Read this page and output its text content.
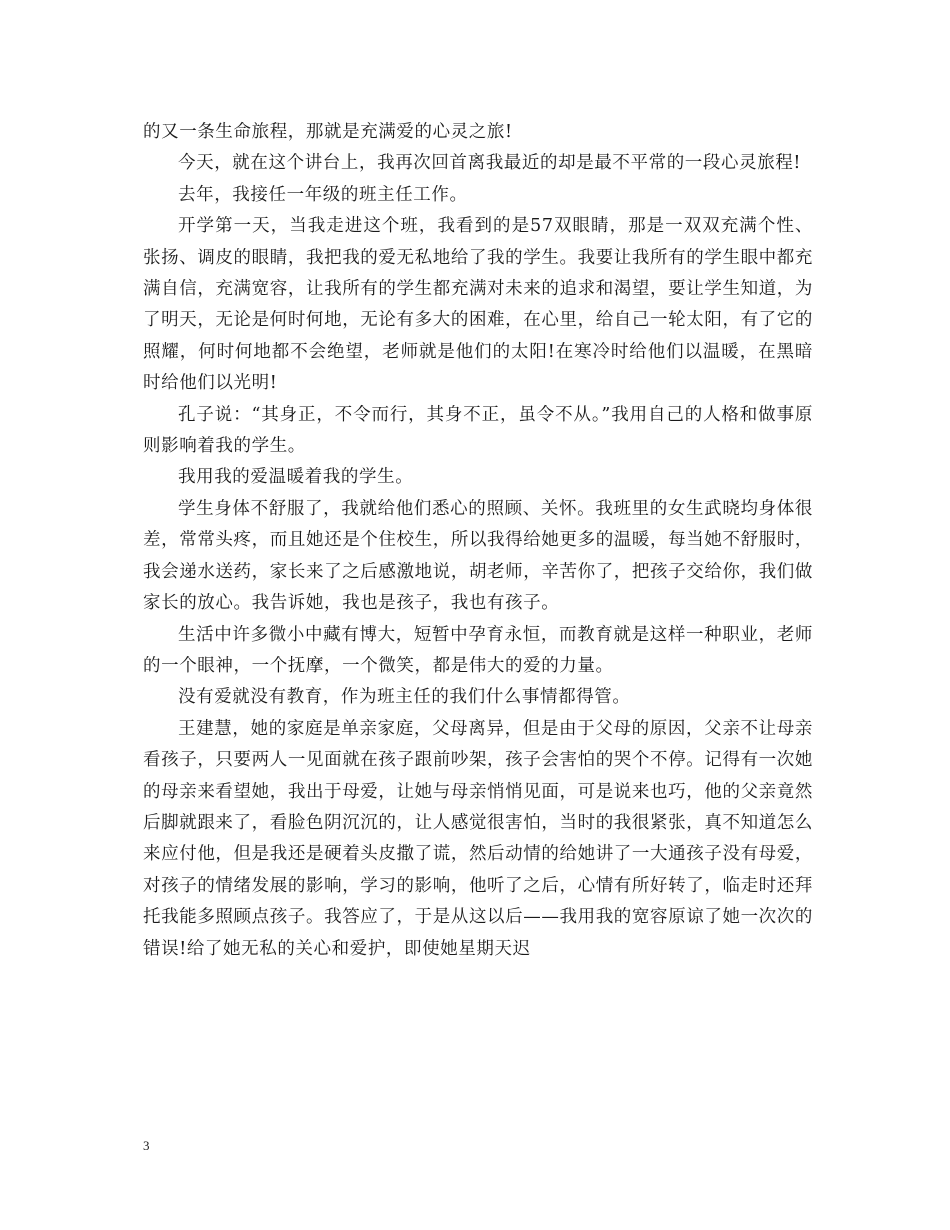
的又一条生命旅程，那就是充满爱的心灵之旅!

今天，就在这个讲台上，我再次回首离我最近的却是最不平常的一段心灵旅程!

去年，我接任一年级的班主任工作。

开学第一天，当我走进这个班，我看到的是57双眼睛，那是一双双充满个性、张扬、调皮的眼睛，我把我的爱无私地给了我的学生。我要让我所有的学生眼中都充满自信，充满宽容，让我所有的学生都充满对未来的追求和渴望，要让学生知道，为了明天，无论是何时何地，无论有多大的困难，在心里，给自己一轮太阳，有了它的照耀，何时何地都不会绝望，老师就是他们的太阳!在寒冷时给他们以温暖，在黑暗时给他们以光明!

孔子说：“其身正，不令而行，其身不正，虽令不从。”我用自己的人格和做事原则影响着我的学生。

我用我的爱温暖着我的学生。

学生身体不舒服了，我就给他们悉心的照顾、关怀。我班里的女生武晓均身体很差，常常头疼，而且她还是个住校生，所以我得给她更多的温暖，每当她不舒服时，我会递水送药，家长来了之后感激地说，胡老师，辛苦你了，把孩子交给你，我们做家长的放心。我告诉她，我也是孩子，我也有孩子。

生活中许多微小中藏有博大，短暂中孕育永恒，而教育就是这样一种职业，老师的一个眼神，一个抚摩，一个微笑，都是伟大的爱的力量。

没有爱就没有教育，作为班主任的我们什么事情都得管。

王建慧，她的家庭是单亲家庭，父母离异，但是由于父母的原因，父亲不让母亲看孩子，只要两人一见面就在孩子跟前吵架，孩子会害怕的哭个不停。记得有一次她的母亲来看望她，我出于母爱，让她与母亲悄悄见面，可是说来也巧，他的父亲竟然后脚就跟来了，看脸色阴沉沉的，让人感觉很害怕，当时的我很紧张，真不知道怎么来应付他，但是我还是硬着头皮撒了谎，然后动情的给她讲了一大通孩子没有母爱，对孩子的情绪发展的影响，学习的影响，他听了之后，心情有所好转了，临走时还拜托我能多照顾点孩子。我答应了，于是从这以后——我用我的宽容原谅了她一次次的错误!给了她无私的关心和爱护，即使她星期天迟

3
